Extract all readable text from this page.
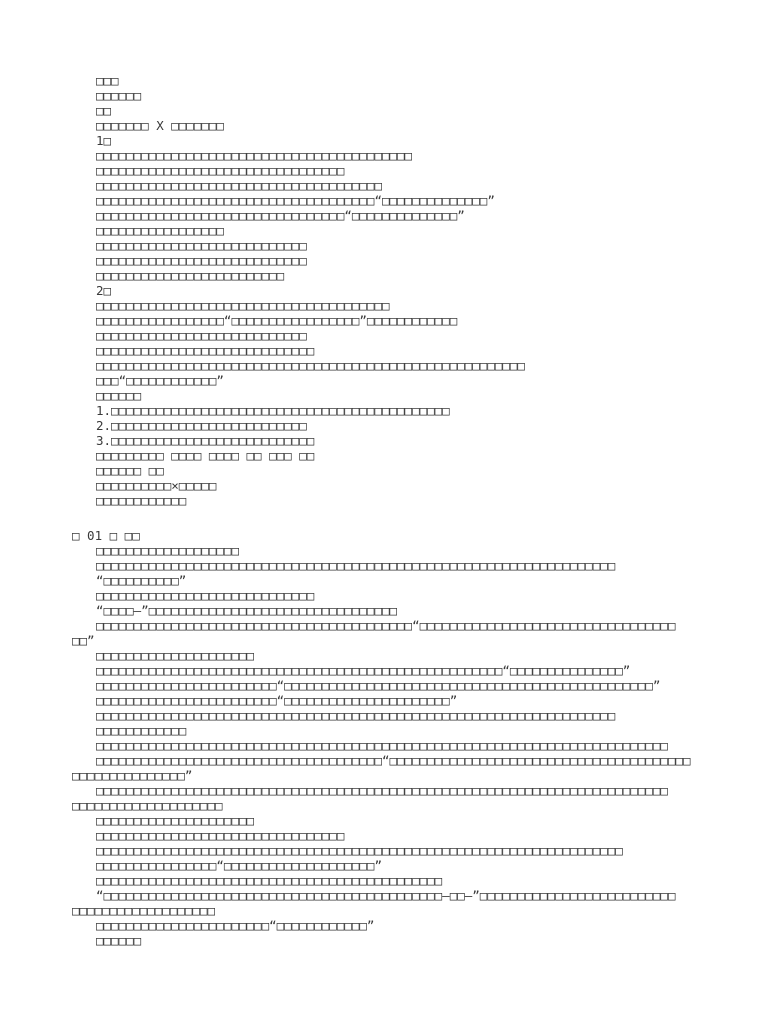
□□□
□□□□□□
□□
□□□□□□□ X □□□□□□□
1□
□□□□□□□□□□□□□□□□□□□□□□□□□□□□□□□□□□□□□□□□□□
□□□□□□□□□□□□□□□□□□□□□□□□□□□□□□□□□
□□□□□□□□□□□□□□□□□□□□□□□□□□□□□□□□□□□□□□
□□□□□□□□□□□□□□□□□□□□□□□□□□□□□□□□□□□□□“□□□□□□□□□□□□□□”
□□□□□□□□□□□□□□□□□□□□□□□□□□□□□□□□□“□□□□□□□□□□□□□□”
□□□□□□□□□□□□□□□□□
□□□□□□□□□□□□□□□□□□□□□□□□□□□□
□□□□□□□□□□□□□□□□□□□□□□□□□□□□
□□□□□□□□□□□□□□□□□□□□□□□□□
2□
□□□□□□□□□□□□□□□□□□□□□□□□□□□□□□□□□□□□□□□
□□□□□□□□□□□□□□□□□“□□□□□□□□□□□□□□□□□”□□□□□□□□□□□□
□□□□□□□□□□□□□□□□□□□□□□□□□□□□
□□□□□□□□□□□□□□□□□□□□□□□□□□□□□
□□□□□□□□□□□□□□□□□□□□□□□□□□□□□□□□□□□□□□□□□□□□□□□□□□□□□□□□□
□□□“□□□□□□□□□□□□”
□□□□□□
1.□□□□□□□□□□□□□□□□□□□□□□□□□□□□□□□□□□□□□□□□□□□□□
2.□□□□□□□□□□□□□□□□□□□□□□□□□□
3.□□□□□□□□□□□□□□□□□□□□□□□□□□□
□□□□□□□□□ □□□□ □□□□ □□ □□□ □□
□□□□□□ □□
□□□□□□□□□□×□□□□□
□□□□□□□□□□□□
□ 01 □ □□
□□□□□□□□□□□□□□□□□□□
□□□□□□□□□□□□□□□□□□□□□□□□□□□□□□□□□□□□□□□□□□□□□□□□□□□□□□□□□□□□□□□□□□□□□
“□□□□□□□□□□”
□□□□□□□□□□□□□□□□□□□□□□□□□□□□□
“□□□□—”□□□□□□□□□□□□□□□□□□□□□□□□□□□□□□□□□
□□□□□□□□□□□□□□□□□□□□□□□□□□□□□□□□□□□□□□□□□□“□□□□□□□□□□□□□□□□□□□□□□□□□□□□□□□□□□
□□”
□□□□□□□□□□□□□□□□□□□□□
□□□□□□□□□□□□□□□□□□□□□□□□□□□□□□□□□□□□□□□□□□□□□□□□□□□□□□“□□□□□□□□□□□□□□□”
□□□□□□□□□□□□□□□□□□□□□□□□“□□□□□□□□□□□□□□□□□□□□□□□□□□□□□□□□□□□□□□□□□□□□□□□□□”
□□□□□□□□□□□□□□□□□□□□□□□□“□□□□□□□□□□□□□□□□□□□□□□”
□□□□□□□□□□□□□□□□□□□□□□□□□□□□□□□□□□□□□□□□□□□□□□□□□□□□□□□□□□□□□□□□□□□□□
□□□□□□□□□□□□
□□□□□□□□□□□□□□□□□□□□□□□□□□□□□□□□□□□□□□□□□□□□□□□□□□□□□□□□□□□□□□□□□□□□□□□□□□□□
□□□□□□□□□□□□□□□□□□□□□□□□□□□□□□□□□□□□□□“□□□□□□□□□□□□□□□□□□□□□□□□□□□□□□□□□□□□□□□□
□□□□□□□□□□□□□□□”
□□□□□□□□□□□□□□□□□□□□□□□□□□□□□□□□□□□□□□□□□□□□□□□□□□□□□□□□□□□□□□□□□□□□□□□□□□□□
□□□□□□□□□□□□□□□□□□□□
□□□□□□□□□□□□□□□□□□□□□
□□□□□□□□□□□□□□□□□□□□□□□□□□□□□□□□□
□□□□□□□□□□□□□□□□□□□□□□□□□□□□□□□□□□□□□□□□□□□□□□□□□□□□□□□□□□□□□□□□□□□□□□
□□□□□□□□□□□□□□□□“□□□□□□□□□□□□□□□□□□□□”
□□□□□□□□□□□□□□□□□□□□□□□□□□□□□□□□□□□□□□□□□□□□□□
“□□□□□□□□□□□□□□□□□□□□□□□□□□□□□□□□□□□□□□□□□□□□□—□□—”□□□□□□□□□□□□□□□□□□□□□□□□□□
□□□□□□□□□□□□□□□□□□□
□□□□□□□□□□□□□□□□□□□□□□□“□□□□□□□□□□□□”
□□□□□□
